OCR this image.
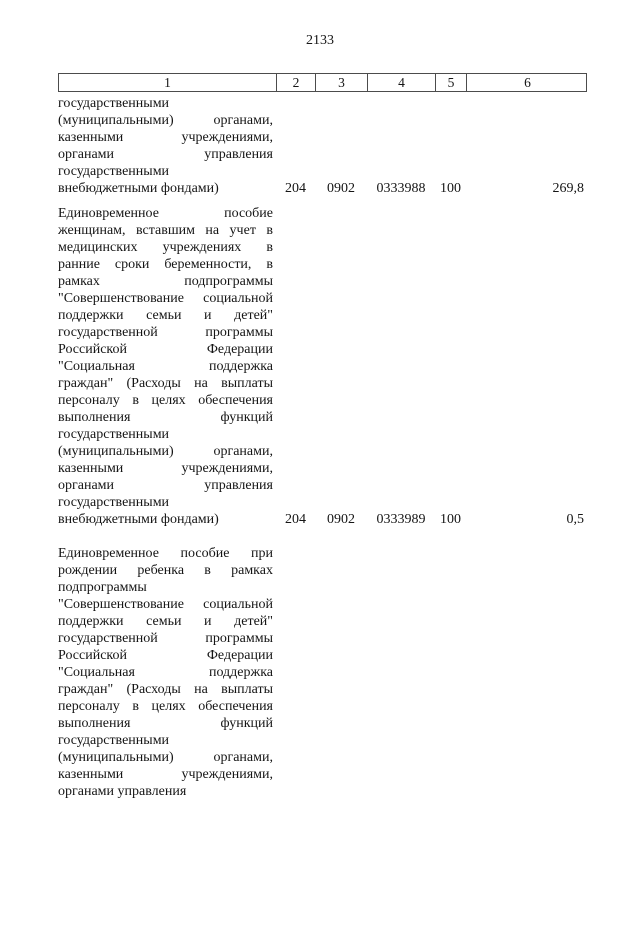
2133
1	2	3	4	5	6
государственными
(муниципальными) органами,
казенными учреждениями,
органами управления
государственными
внебюджетными фондами)	204	0902	0333988	100	269,8
Единовременное пособие
женщинам, вставшим на учет в
медицинских учреждениях в
ранние сроки беременности, в
рамках подпрограммы
"Совершенствование социальной
поддержки семьи и детей"
государственной программы
Российской Федерации
"Социальная поддержка
граждан" (Расходы на выплаты
персоналу в целях обеспечения
выполнения функций
государственными
(муниципальными) органами,
казенными учреждениями,
органами управления
государственными
внебюджетными фондами)	204	0902	0333989	100	0,5
Единовременное пособие при
рождении ребенка в рамках
подпрограммы
"Совершенствование социальной
поддержки семьи и детей"
государственной программы
Российской Федерации
"Социальная поддержка
граждан" (Расходы на выплаты
персоналу в целях обеспечения
выполнения функций
государственными
(муниципальными) органами,
казенными учреждениями,
органами управления
